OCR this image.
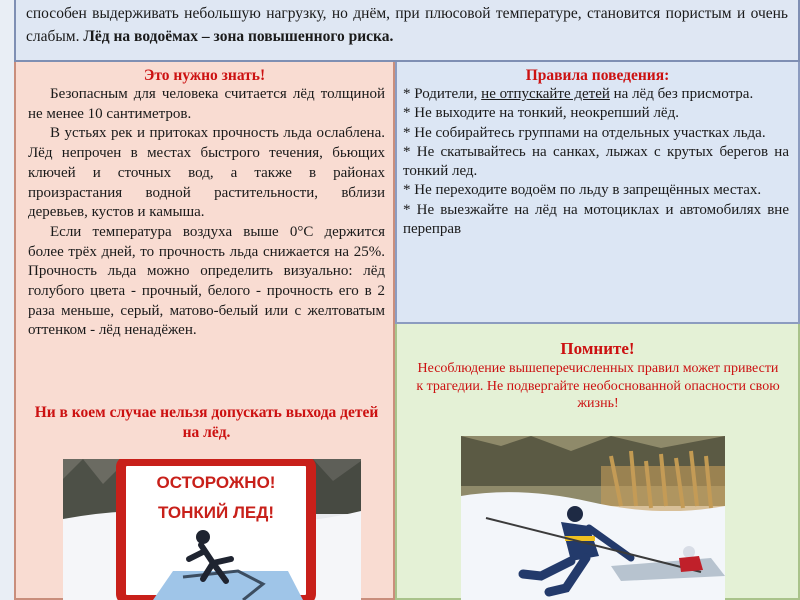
способен выдерживать небольшую нагрузку, но днём, при плюсовой температуре, становится пористым и очень слабым. Лёд на водоёмах – зона повышенного риска.
Это нужно знать!

Безопасным для человека считается лёд толщиной не менее 10 сантиметров.

В устьях рек и притоках прочность льда ослаблена. Лёд непрочен в местах быстрого течения, бьющих ключей и сточных вод, а также в районах произрастания водной растительности, вблизи деревьев, кустов и камыша.

Если температура воздуха выше 0°С держится более трёх дней, то прочность льда снижается на 25%. Прочность льда можно определить визуально: лёд голубого цвета - прочный, белого - прочность его в 2 раза меньше, серый, матово-белый или с желтоватым оттенком - лёд ненадёжен.

Ни в коем случае нельзя допускать выхода детей на лёд.
ОСТОРОЖНО!
ТОНКИЙ ЛЕД!
Правила поведения:
* Родители, не отпускайте детей на лёд без присмотра.
* Не выходите на тонкий, неокрепший лёд.
* Не собирайтесь группами на отдельных участках льда.
* Не скатывайтесь на санках, лыжах с крутых берегов на тонкий лед.
* Не переходите водоём по льду в запрещённых местах.
* Не выезжайте на лёд на мотоциклах и автомобилях вне переправ
Помните!
Несоблюдение вышеперечисленных правил может привести к трагедии. Не подвергайте необоснованной опасности свою жизнь!
